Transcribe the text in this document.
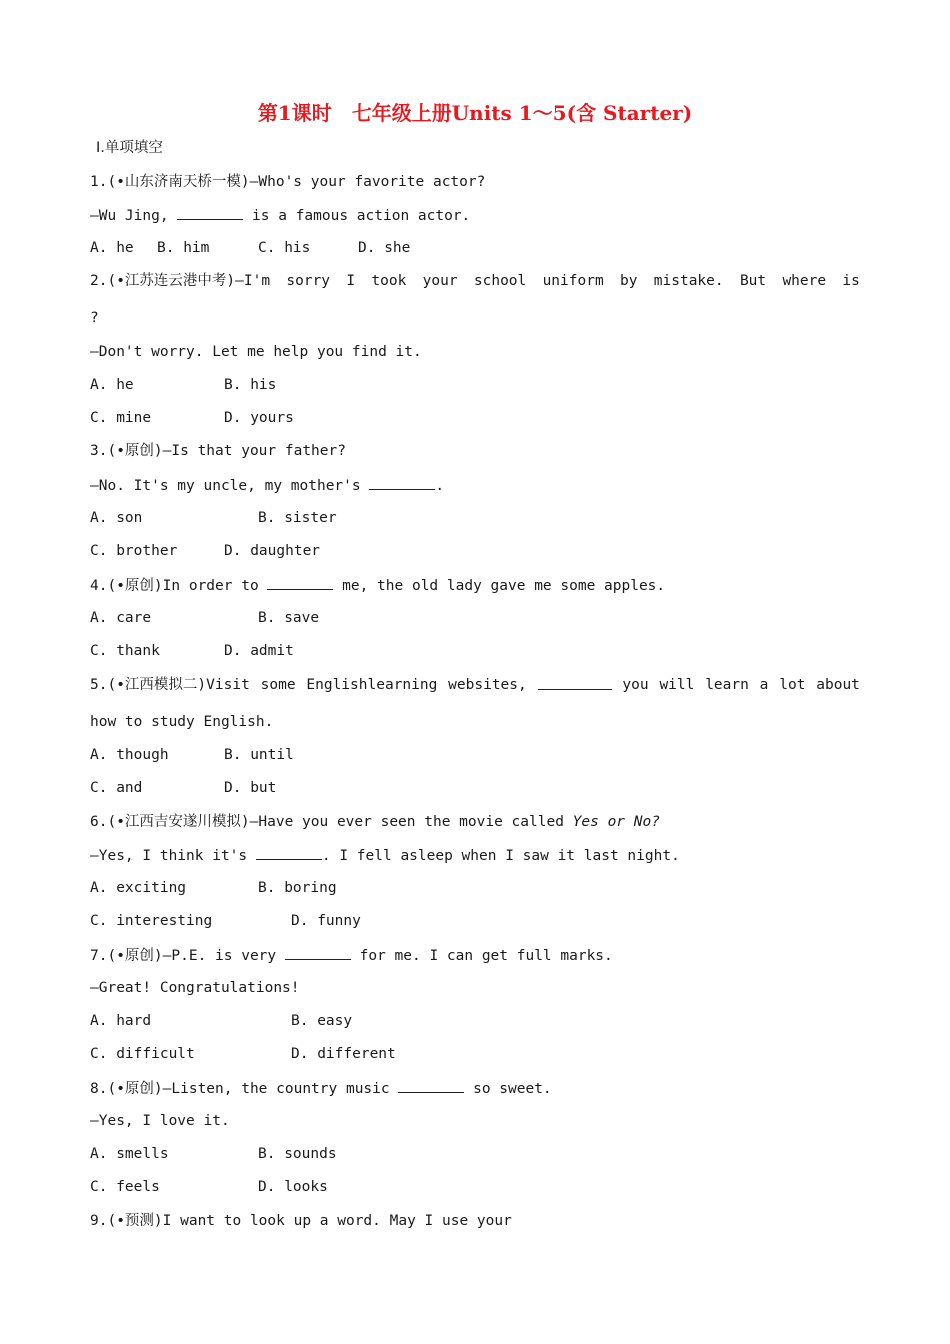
第1课时　七年级上册Units 1～5(含 Starter)
Ⅰ.单项填空
1.(•山东济南天桥一模)—Who's your favorite actor?
—Wu Jing,	is a famous action actor.
A. he B. him	C. his	D. she
2.(•江苏连云港中考)—I'm sorry I took your school uniform by mistake. But where is
?
—Don't worry. Let me help you find it.
A. he	B. his
C. mine	D. yours
3.(•原创)—Is that your father?
—No. It's my uncle, my mother's	.
A. son	B. sister
C. brother	D. daughter
4.(•原创)In order to	me, the old lady gave me some apples.
A. care	B. save
C. thank	D. admit
5.(•江西模拟二)Visit some Englishlearning websites,	you will learn a lot about
how to study English.
A. though	B. until
C. and	D. but
6.(•江西吉安遂川模拟)—Have you ever seen the movie called Yes or No?
—Yes, I think it's	. I fell asleep when I saw it last night.
A. exciting	B. boring
C. interesting	D. funny
7.(•原创)—P.E. is very	for me. I can get full marks.
—Great! Congratulations!
A. hard	B. easy
C. difficult	D. different
8.(•原创)—Listen, the country music	so sweet.
—Yes, I love it.
A. smells	B. sounds
C. feels	D. looks
9.(•预测)I want to look up a word. May I use your
